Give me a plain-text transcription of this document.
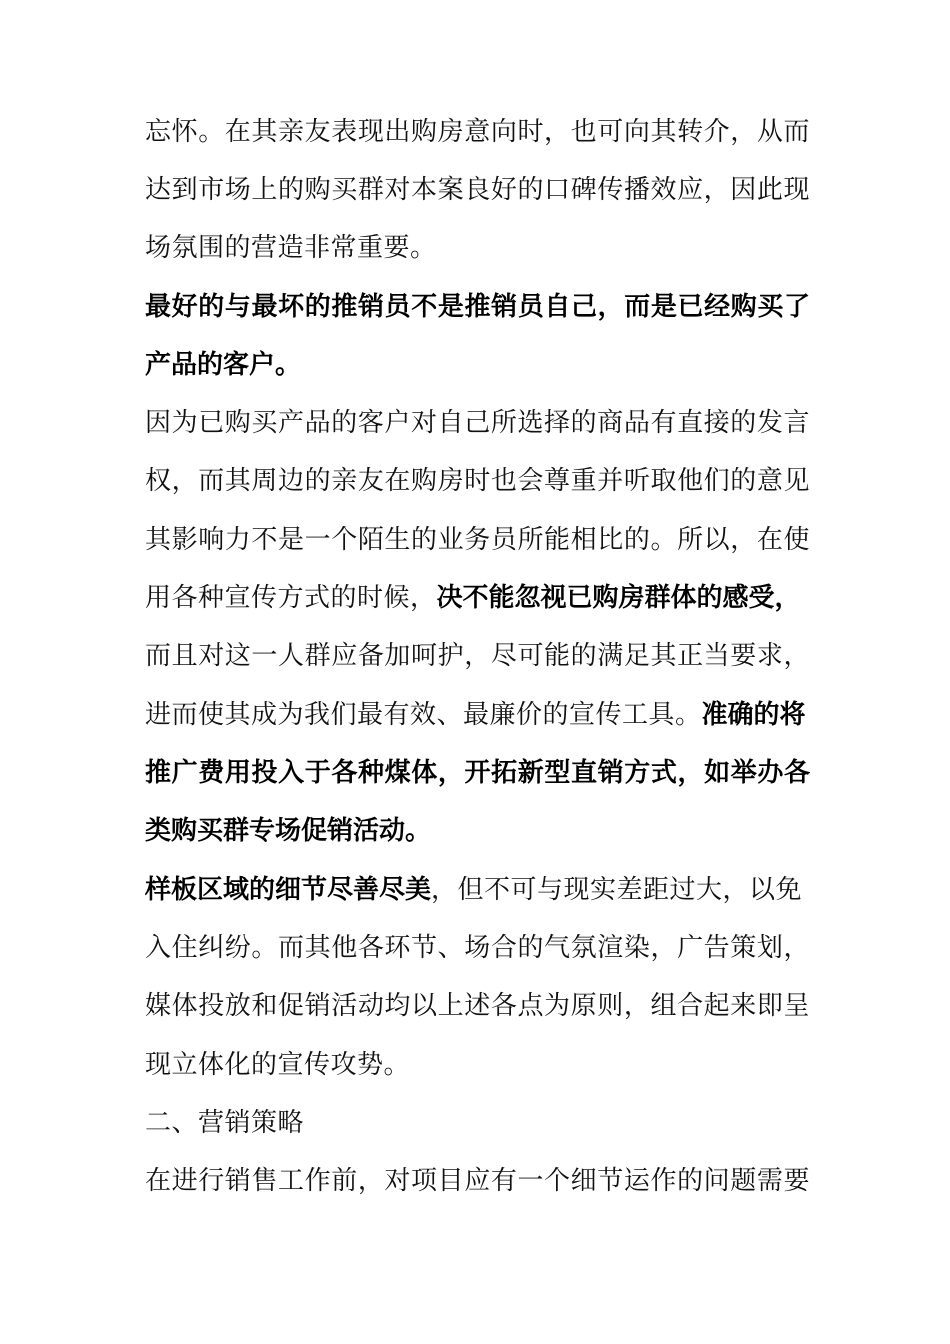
忘怀。在其亲友表现出购房意向时，也可向其转介，从而
达到市场上的购买群对本案良好的口碑传播效应，因此现
场氛围的营造非常重要。
最好的与最坏的推销员不是推销员自己，而是已经购买了
产品的客户。
因为已购买产品的客户对自己所选择的商品有直接的发言
权，而其周边的亲友在购房时也会尊重并听取他们的意见
其影响力不是一个陌生的业务员所能相比的。所以，在使
用各种宣传方式的时候，决不能忽视已购房群体的感受，
而且对这一人群应备加呵护，尽可能的满足其正当要求，
进而使其成为我们最有效、最廉价的宣传工具。准确的将
推广费用投入于各种煤体，开拓新型直销方式，如举办各
类购买群专场促销活动。
样板区域的细节尽善尽美，但不可与现实差距过大，以免
入住纠纷。而其他各环节、场合的气氛渲染，广告策划，
媒体投放和促销活动均以上述各点为原则，组合起来即呈
现立体化的宣传攻势。
二、营销策略
在进行销售工作前，对项目应有一个细节运作的问题需要
